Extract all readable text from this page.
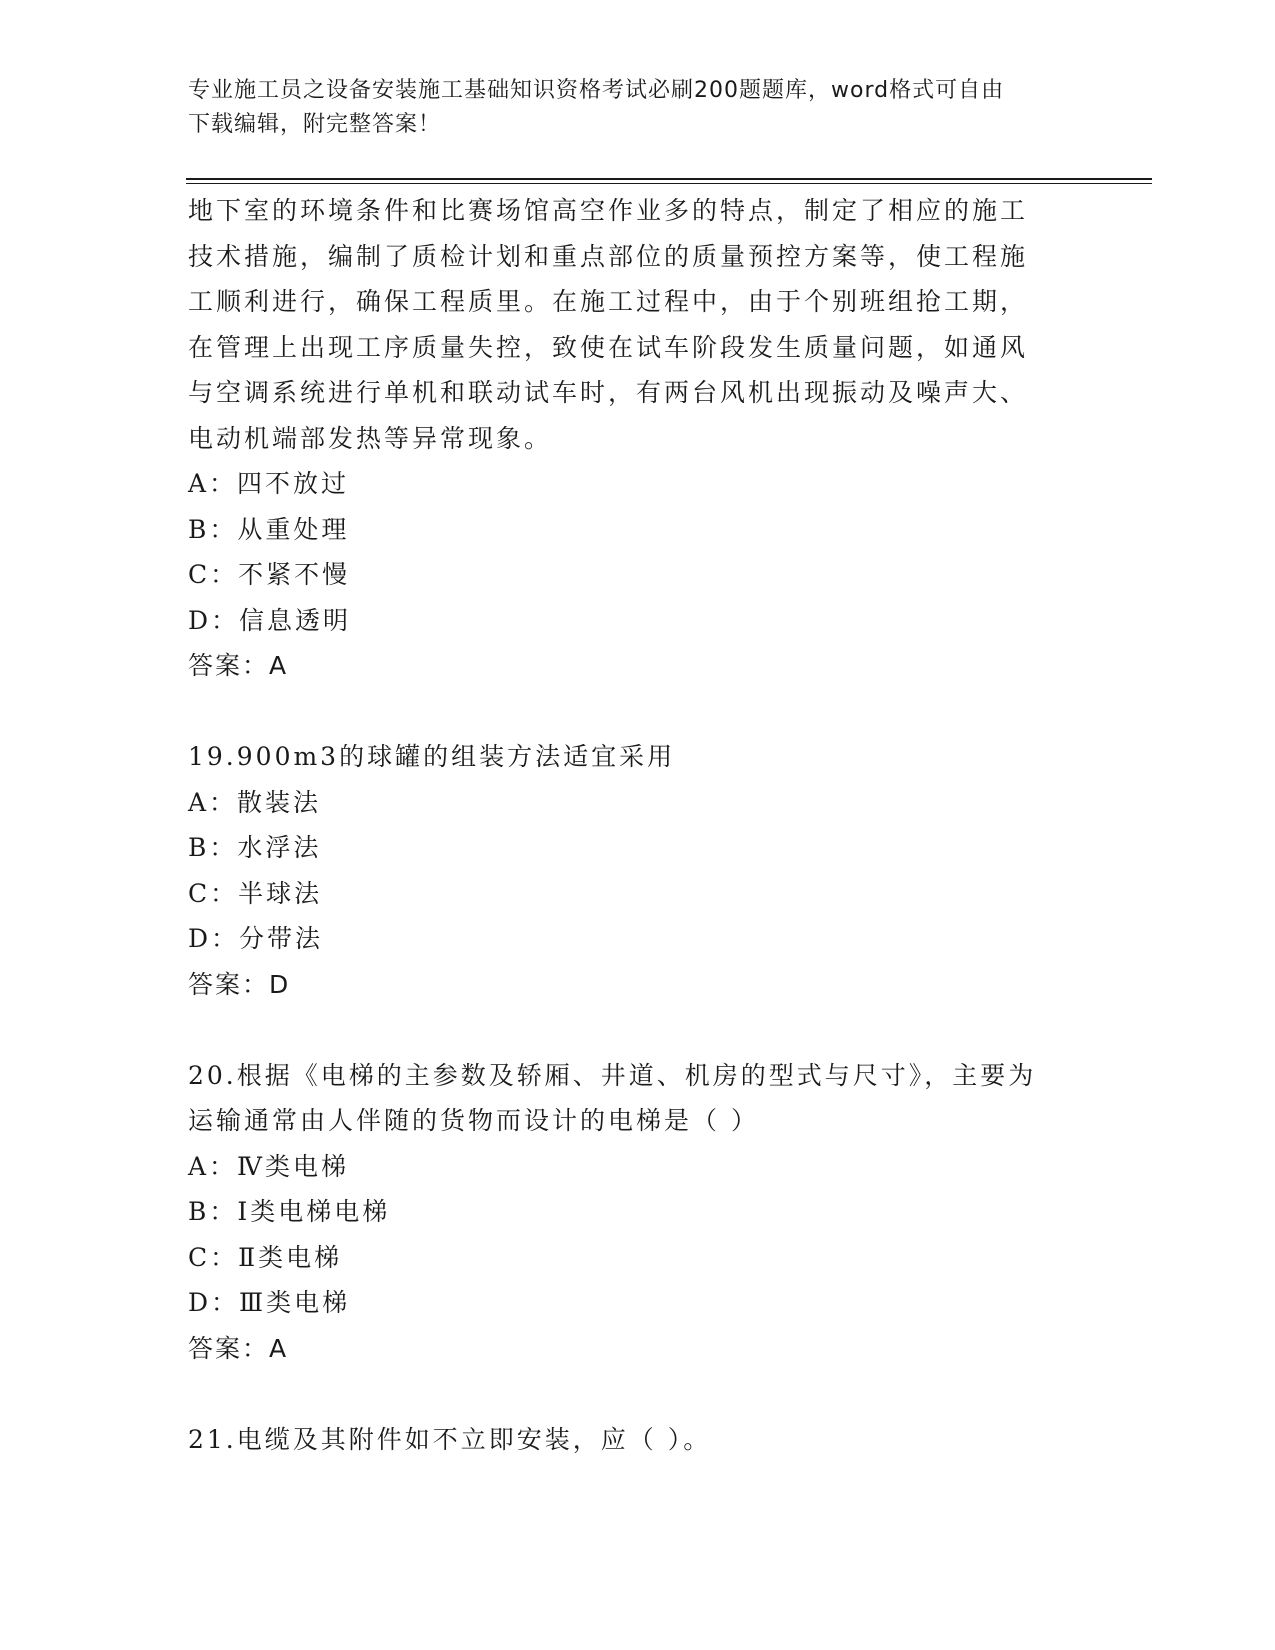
专业施工员之设备安装施工基础知识资格考试必刷200题题库，word格式可自由
下载编辑，附完整答案！
地下室的环境条件和比赛场馆高空作业多的特点，制定了相应的施工
技术措施，编制了质检计划和重点部位的质量预控方案等，使工程施
工顺利进行，确保工程质里。在施工过程中，由于个别班组抢工期，
在管理上出现工序质量失控，致使在试车阶段发生质量问题，如通风
与空调系统进行单机和联动试车时，有两台风机出现振动及噪声大、
电动机端部发热等异常现象。
A：四不放过
B：从重处理
C：不紧不慢
D：信息透明
答案：A
19.900m3的球罐的组装方法适宜采用
A：散装法
B：水浮法
C：半球法
D：分带法
答案：D
20.根据《电梯的主参数及轿厢、井道、机房的型式与尺寸》，主要为
运输通常由人伴随的货物而设计的电梯是（ ）
A：Ⅳ类电梯
B：Ⅰ类电梯电梯
C：Ⅱ类电梯
D：Ⅲ类电梯
答案：A
21.电缆及其附件如不立即安装，应（ ）。
